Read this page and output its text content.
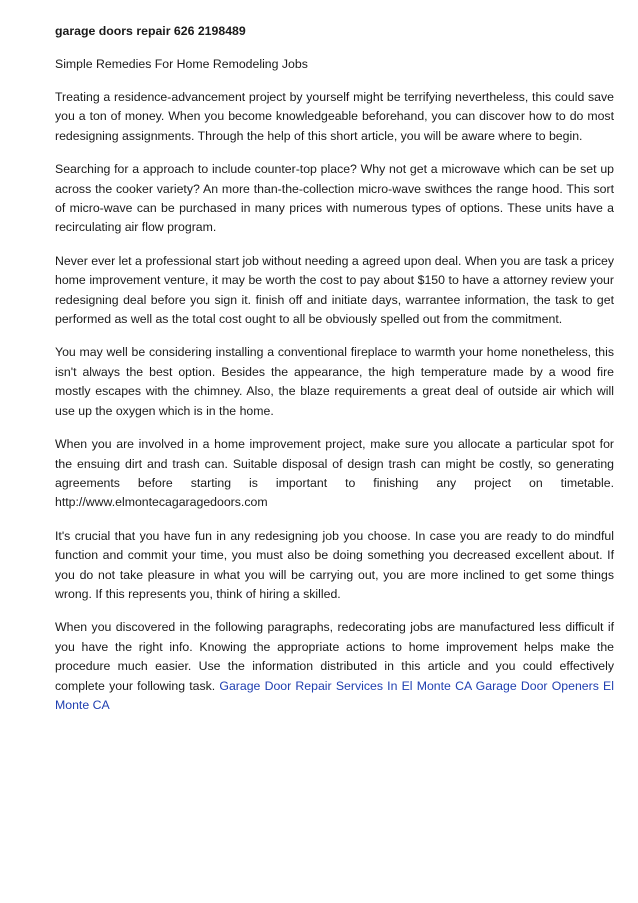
garage doors repair 626 2198489
Simple Remedies For Home Remodeling Jobs

Treating a residence-advancement project by yourself might be terrifying nevertheless, this could save you a ton of money. When you become knowledgeable beforehand, you can discover how to do most redesigning assignments. Through the help of this short article, you will be aware where to begin.

Searching for a approach to include counter-top place? Why not get a microwave which can be set up across the cooker variety? An more than-the-collection micro-wave swithces the range hood. This sort of micro-wave can be purchased in many prices with numerous types of options. These units have a recirculating air flow program.

Never ever let a professional start job without needing a agreed upon deal. When you are task a pricey home improvement venture, it may be worth the cost to pay about $150 to have a attorney review your redesigning deal before you sign it. finish off and initiate days, warrantee information, the task to get performed as well as the total cost ought to all be obviously spelled out from the commitment.

You may well be considering installing a conventional fireplace to warmth your home nonetheless, this isn't always the best option. Besides the appearance, the high temperature made by a wood fire mostly escapes with the chimney. Also, the blaze requirements a great deal of outside air which will use up the oxygen which is in the home.

When you are involved in a home improvement project, make sure you allocate a particular spot for the ensuing dirt and trash can. Suitable disposal of design trash can might be costly, so generating agreements before starting is important to finishing any project on timetable. http://www.elmontecagaragedoors.com

It's crucial that you have fun in any redesigning job you choose. In case you are ready to do mindful function and commit your time, you must also be doing something you decreased excellent about. If you do not take pleasure in what you will be carrying out, you are more inclined to get some things wrong. If this represents you, think of hiring a skilled.

When you discovered in the following paragraphs, redecorating jobs are manufactured less difficult if you have the right info. Knowing the appropriate actions to home improvement helps make the procedure much easier. Use the information distributed in this article and you could effectively complete your following task. Garage Door Repair Services In El Monte CA Garage Door Openers El Monte CA
